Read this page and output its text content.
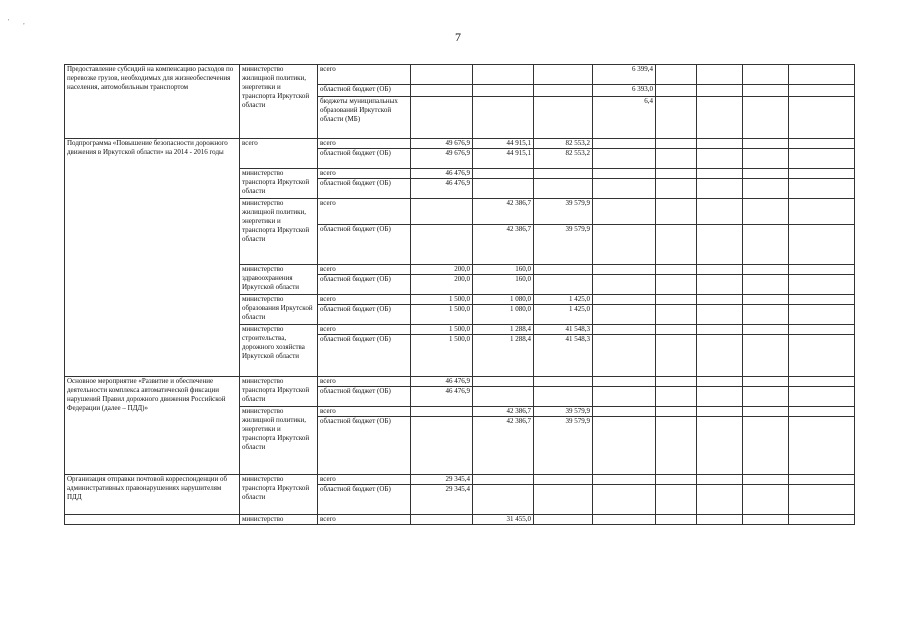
' ,
7
Предоставление субсидий на компенсацию расходов по перевозке грузов, необходимых для жизнеобеспечения населения, автомобильным транспортом	министерство жилищной политики, энергетики и транспорта Иркутской области	всего				6 399,4				
		областной бюджет (ОБ)				6 393,0				
		бюджеты муниципальных образований Иркутской области (МБ)				6,4				
Подпрограмма «Повышение безопасности дорожного движения в Иркутской области» на 2014 - 2016 годы	всего	всего	49 676,9	44 915,1	82 553,2					
		областной бюджет (ОБ)	49 676,9	44 915,1	82 553,2					
	министерство транспорта Иркутской области	всего	46 476,9							
		областной бюджет (ОБ)	46 476,9							
	министерство жилищной политики, энергетики и транспорта Иркутской области	всего		42 386,7	39 579,9					
		областной бюджет (ОБ)		42 386,7	39 579,9					
	министерство здравоохранения Иркутской области	всего	200,0	160,0						
		областной бюджет (ОБ)	200,0	160,0						
	министерство образования Иркутской области	всего	1 500,0	1 080,0	1 425,0					
		областной бюджет (ОБ)	1 500,0	1 080,0	1 425,0					
	министерство строительства, дорожного хозяйства Иркутской области	всего	1 500,0	1 288,4	41 548,3					
		областной бюджет (ОБ)	1 500,0	1 288,4	41 548,3					
Основное мероприятие «Развитие и обеспечение деятельности комплекса автоматической фиксации нарушений Правил дорожного движения Российской Федерации (далее – ПДД)»	министерство транспорта Иркутской области	всего	46 476,9							
		областной бюджет (ОБ)	46 476,9							
	министерство жилищной политики, энергетики и транспорта Иркутской области	всего		42 386,7	39 579,9					
		областной бюджет (ОБ)		42 386,7	39 579,9					
Организация отправки почтовой корреспонденции об административных правонарушениях нарушителям ПДД	министерство транспорта Иркутской области	всего	29 345,4							
		областной бюджет (ОБ)	29 345,4							
	министерство	всего		31 455,0						
